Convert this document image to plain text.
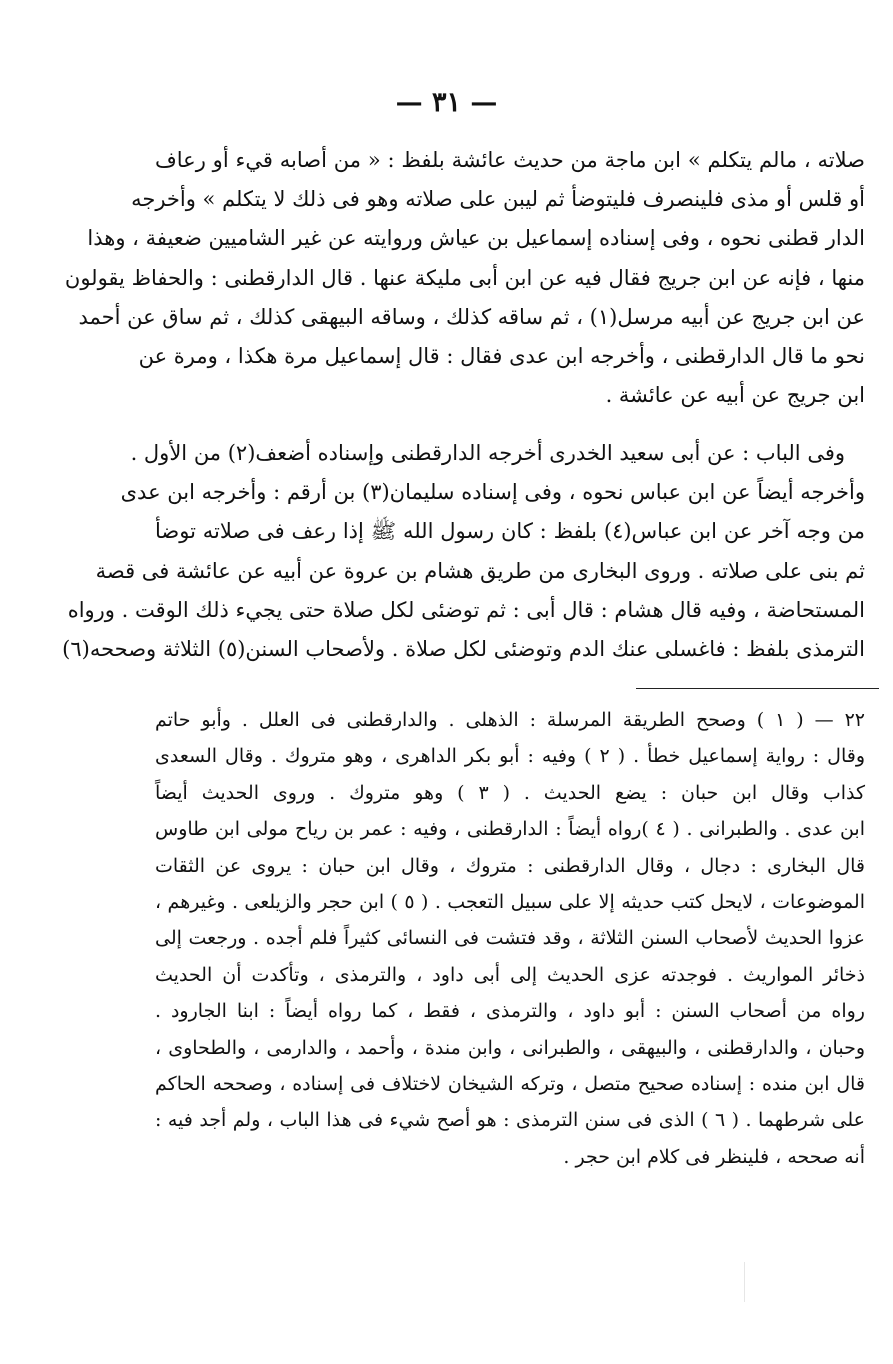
— ٣١ —
صلاته ، مالم يتكلم » ابن ماجة من حديث عائشة بلفظ : « من أصابه قيء أو رعاف
أو قلس أو مذى فلينصرف فليتوضأ ثم ليبن على صلاته وهو فى ذلك لا يتكلم » وأخرجه
الدار قطنى نحوه ، وفى إسناده إسماعيل بن عياش وروايته عن غير الشاميين ضعيفة ، وهذا
منها ، فإنه عن ابن جريج فقال فيه عن ابن أبى مليكة عنها . قال الدارقطنى : والحفاظ يقولون
عن ابن جريج عن أبيه مرسل(١) ، ثم ساقه كذلك ، وساقه البيهقى كذلك ، ثم ساق عن أحمد
نحو ما قال الدارقطنى ، وأخرجه ابن عدى فقال : قال إسماعيل مرة هكذا ، ومرة عن
ابن جريج عن أبيه عن عائشة .
وفى الباب : عن أبى سعيد الخدرى أخرجه الدارقطنى وإسناده أضعف(٢) من الأول .
وأخرجه أيضاً عن ابن عباس نحوه ، وفى إسناده سليمان(٣) بن أرقم : وأخرجه ابن عدى
من وجه آخر عن ابن عباس(٤) بلفظ : كان رسول الله ﷺ إذا رعف فى صلاته توضأ
ثم بنى على صلاته . وروى البخارى من طريق هشام بن عروة عن أبيه عن عائشة فى قصة
المستحاضة ، وفيه قال هشام : قال أبى : ثم توضئى لكل صلاة حتى يجيء ذلك الوقت . ورواه
الترمذى بلفظ : فاغسلى عنك الدم وتوضئى لكل صلاة . ولأصحاب السنن(٥) الثلاثة وصححه(٦)
٢٢ — ( ١ ) وصحح الطريقة المرسلة : الذهلى . والدارقطنى فى العلل . وأبو حاتم
وقال : رواية إسماعيل خطأ . ( ٢ ) وفيه : أبو بكر الداهرى ، وهو متروك . وقال السعدى
كذاب وقال ابن حبان : يضع الحديث . ( ٣ ) وهو متروك . وروى الحديث أيضاً
ابن عدى . والطبرانى . ( ٤ )رواه أيضاً : الدارقطنى ، وفيه : عمر بن رياح مولى ابن طاوس
قال البخارى : دجال ، وقال الدارقطنى : متروك ، وقال ابن حبان : يروى عن الثقات
الموضوعات ، لايحل كتب حديثه إلا على سبيل التعجب . ( ٥ ) ابن حجر والزيلعى . وغيرهم ،
عزوا الحديث لأصحاب السنن الثلاثة ، وقد فتشت فى النسائى كثيراً فلم أجده . ورجعت إلى
ذخائر المواريث . فوجدته عزى الحديث إلى أبى داود ، والترمذى ، وتأكدت أن الحديث
رواه من أصحاب السنن : أبو داود ، والترمذى ، فقط ، كما رواه أيضاً : ابنا الجارود .
وحبان ، والدارقطنى ، والبيهقى ، والطبرانى ، وابن مندة ، وأحمد ، والدارمى ، والطحاوى ،
قال ابن منده : إسناده صحيح متصل ، وتركه الشيخان لاختلاف فى إسناده ، وصححه الحاكم
على شرطهما . ( ٦ ) الذى فى سنن الترمذى : هو أصح شيء فى هذا الباب ، ولم أجد فيه :
أنه صححه ، فلينظر فى كلام ابن حجر .
